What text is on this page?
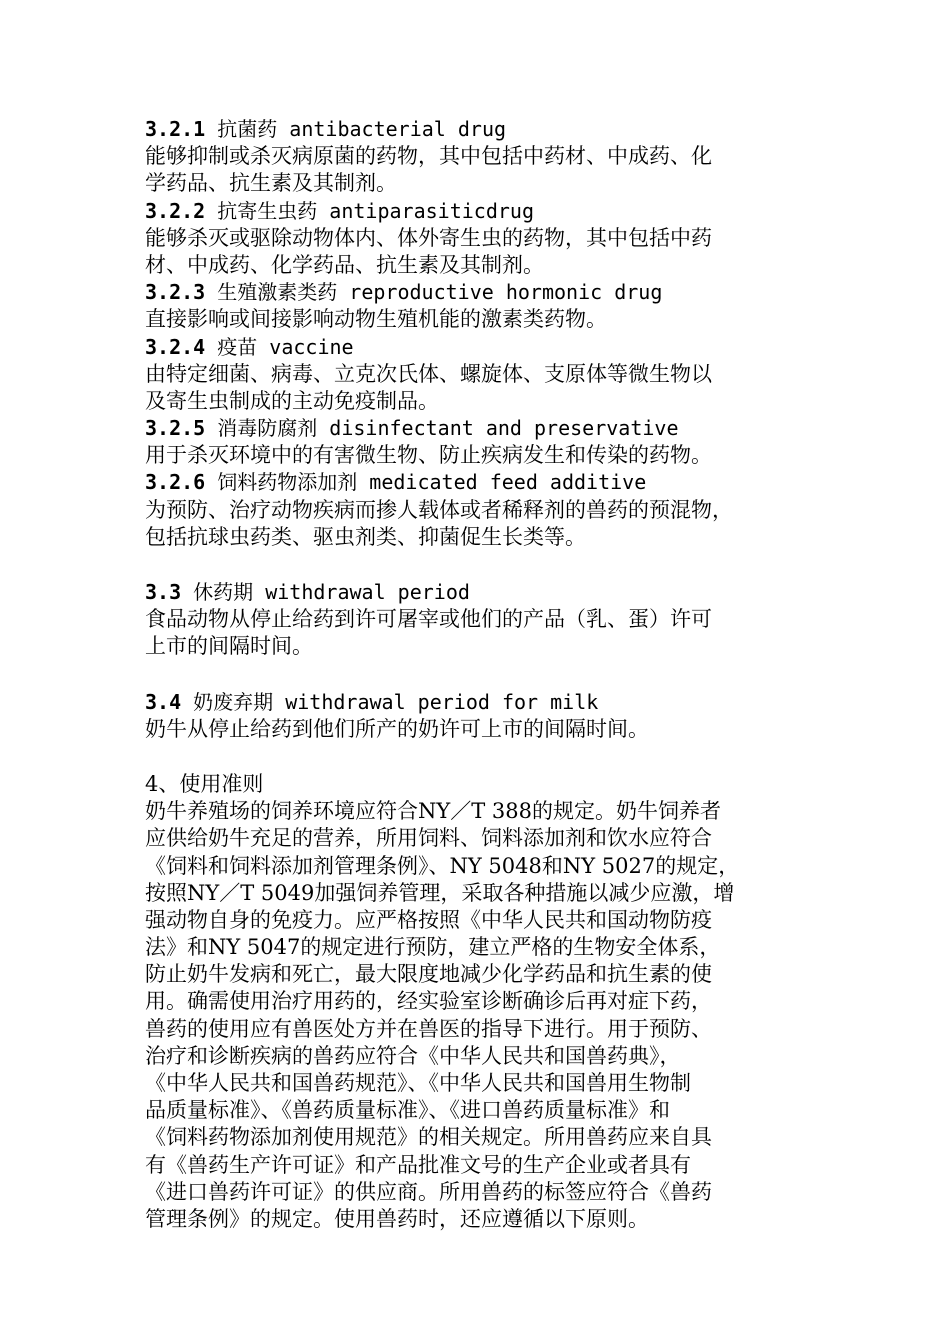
3.2.1 抗菌药 antibacterial drug

能够抑制或杀灭病原菌的药物，其中包括中药材、中成药、化

学药品、抗生素及其制剂。

3.2.2 抗寄生虫药 antiparasiticdrug

能够杀灭或驱除动物体内、体外寄生虫的药物，其中包括中药

材、中成药、化学药品、抗生素及其制剂。

3.2.3 生殖激素类药 reproductive hormonic drug

直接影响或间接影响动物生殖机能的激素类药物。

3.2.4 疫苗 vaccine

由特定细菌、病毒、立克次氏体、螺旋体、支原体等微生物以

及寄生虫制成的主动免疫制品。

3.2.5 消毒防腐剂 disinfectant and preservative

用于杀灭环境中的有害微生物、防止疾病发生和传染的药物。

3.2.6 饲料药物添加剂 medicated feed additive

为预防、治疗动物疾病而掺人载体或者稀释剂的兽药的预混物，

包括抗球虫药类、驱虫剂类、抑菌促生长类等。

3.3 休药期 withdrawal period

食品动物从停止给药到许可屠宰或他们的产品（乳、蛋）许可

上市的间隔时间。

3.4 奶废弃期 withdrawal period for milk

奶牛从停止给药到他们所产的奶许可上市的间隔时间。

4、使用准则

奶牛养殖场的饲养环境应符合NY／T 388的规定。奶牛饲养者

应供给奶牛充足的营养，所用饲料、饲料添加剂和饮水应符合

《饲料和饲料添加剂管理条例》、NY 5048和NY 5027的规定，

按照NY／T 5049加强饲养管理，采取各种措施以减少应激，增

强动物自身的免疫力。应严格按照《中华人民共和国动物防疫

法》和NY 5047的规定进行预防，建立严格的生物安全体系，

防止奶牛发病和死亡，最大限度地减少化学药品和抗生素的使

用。确需使用治疗用药的，经实验室诊断确诊后再对症下药，

兽药的使用应有兽医处方并在兽医的指导下进行。用于预防、

治疗和诊断疾病的兽药应符合《中华人民共和国兽药典》，

《中华人民共和国兽药规范》、《中华人民共和国兽用生物制

品质量标准》、《兽药质量标准》、《进口兽药质量标准》和

《饲料药物添加剂使用规范》的相关规定。所用兽药应来自具

有《兽药生产许可证》和产品批准文号的生产企业或者具有

《进口兽药许可证》的供应商。所用兽药的标签应符合《兽药

管理条例》的规定。使用兽药时，还应遵循以下原则。
